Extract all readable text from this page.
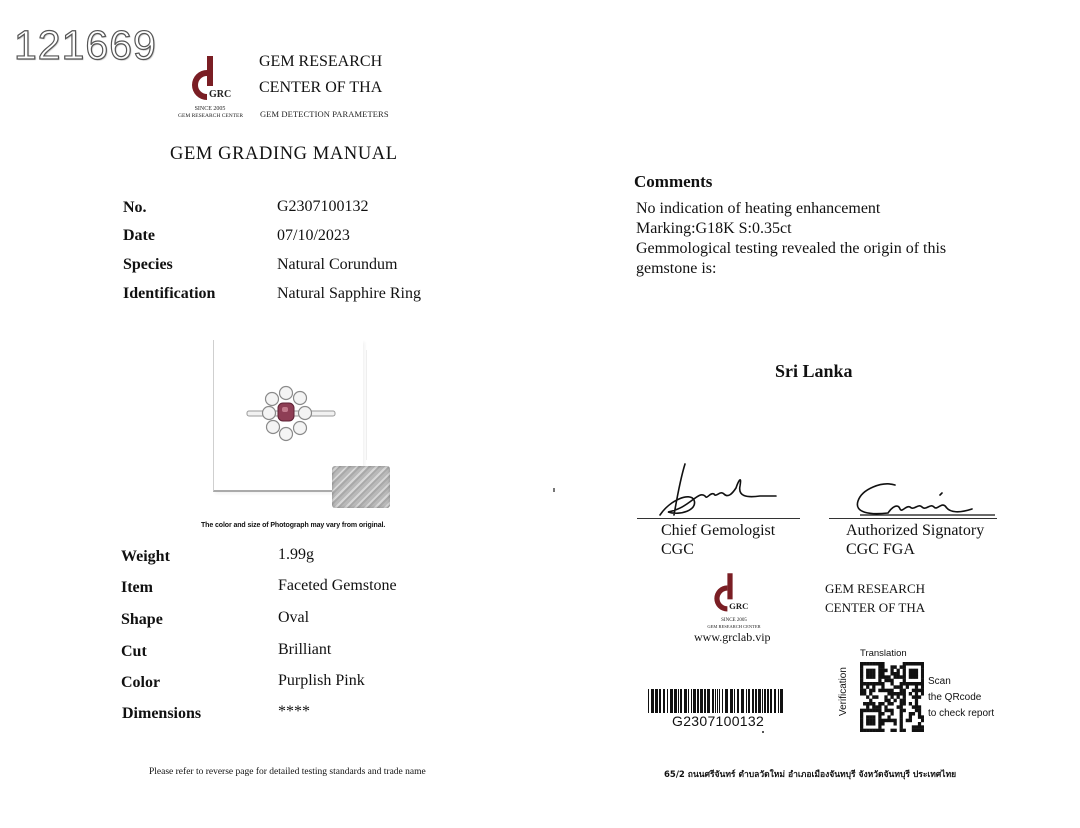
121669
GRC
SINCE 2005
GEM RESEARCH CENTER
GEM RESEARCH
CENTER OF THA
GEM DETECTION PARAMETERS
GEM GRADING MANUAL
No.	G2307100132
Date	07/10/2023
Species	Natural Corundum
Identification	Natural Sapphire Ring
The color and size of Photograph may vary from original.
Weight	1.99g
Item	Faceted Gemstone
Shape	Oval
Cut	Brilliant
Color	Purplish Pink
Dimensions	****
Please refer to reverse page for detailed testing standards and trade name
Comments
No indication of heating enhancement
Marking:G18K S:0.35ct
Gemmological testing revealed the origin of this
gemstone is:
Sri Lanka
Chief Gemologist
CGC
Authorized Signatory
CGC FGA
GRC
SINCE 2005
GEM RESEARCH CENTER
www.grclab.vip
GEM RESEARCH
CENTER OF THA
G2307100132
Translation
Verification	Scan
the QRcode
to check report
65/2 ถนนศรีจันทร์ ตำบลวัดใหม่ อำเภอเมืองจันทบุรี จังหวัดจันทบุรี ประเทศไทย
